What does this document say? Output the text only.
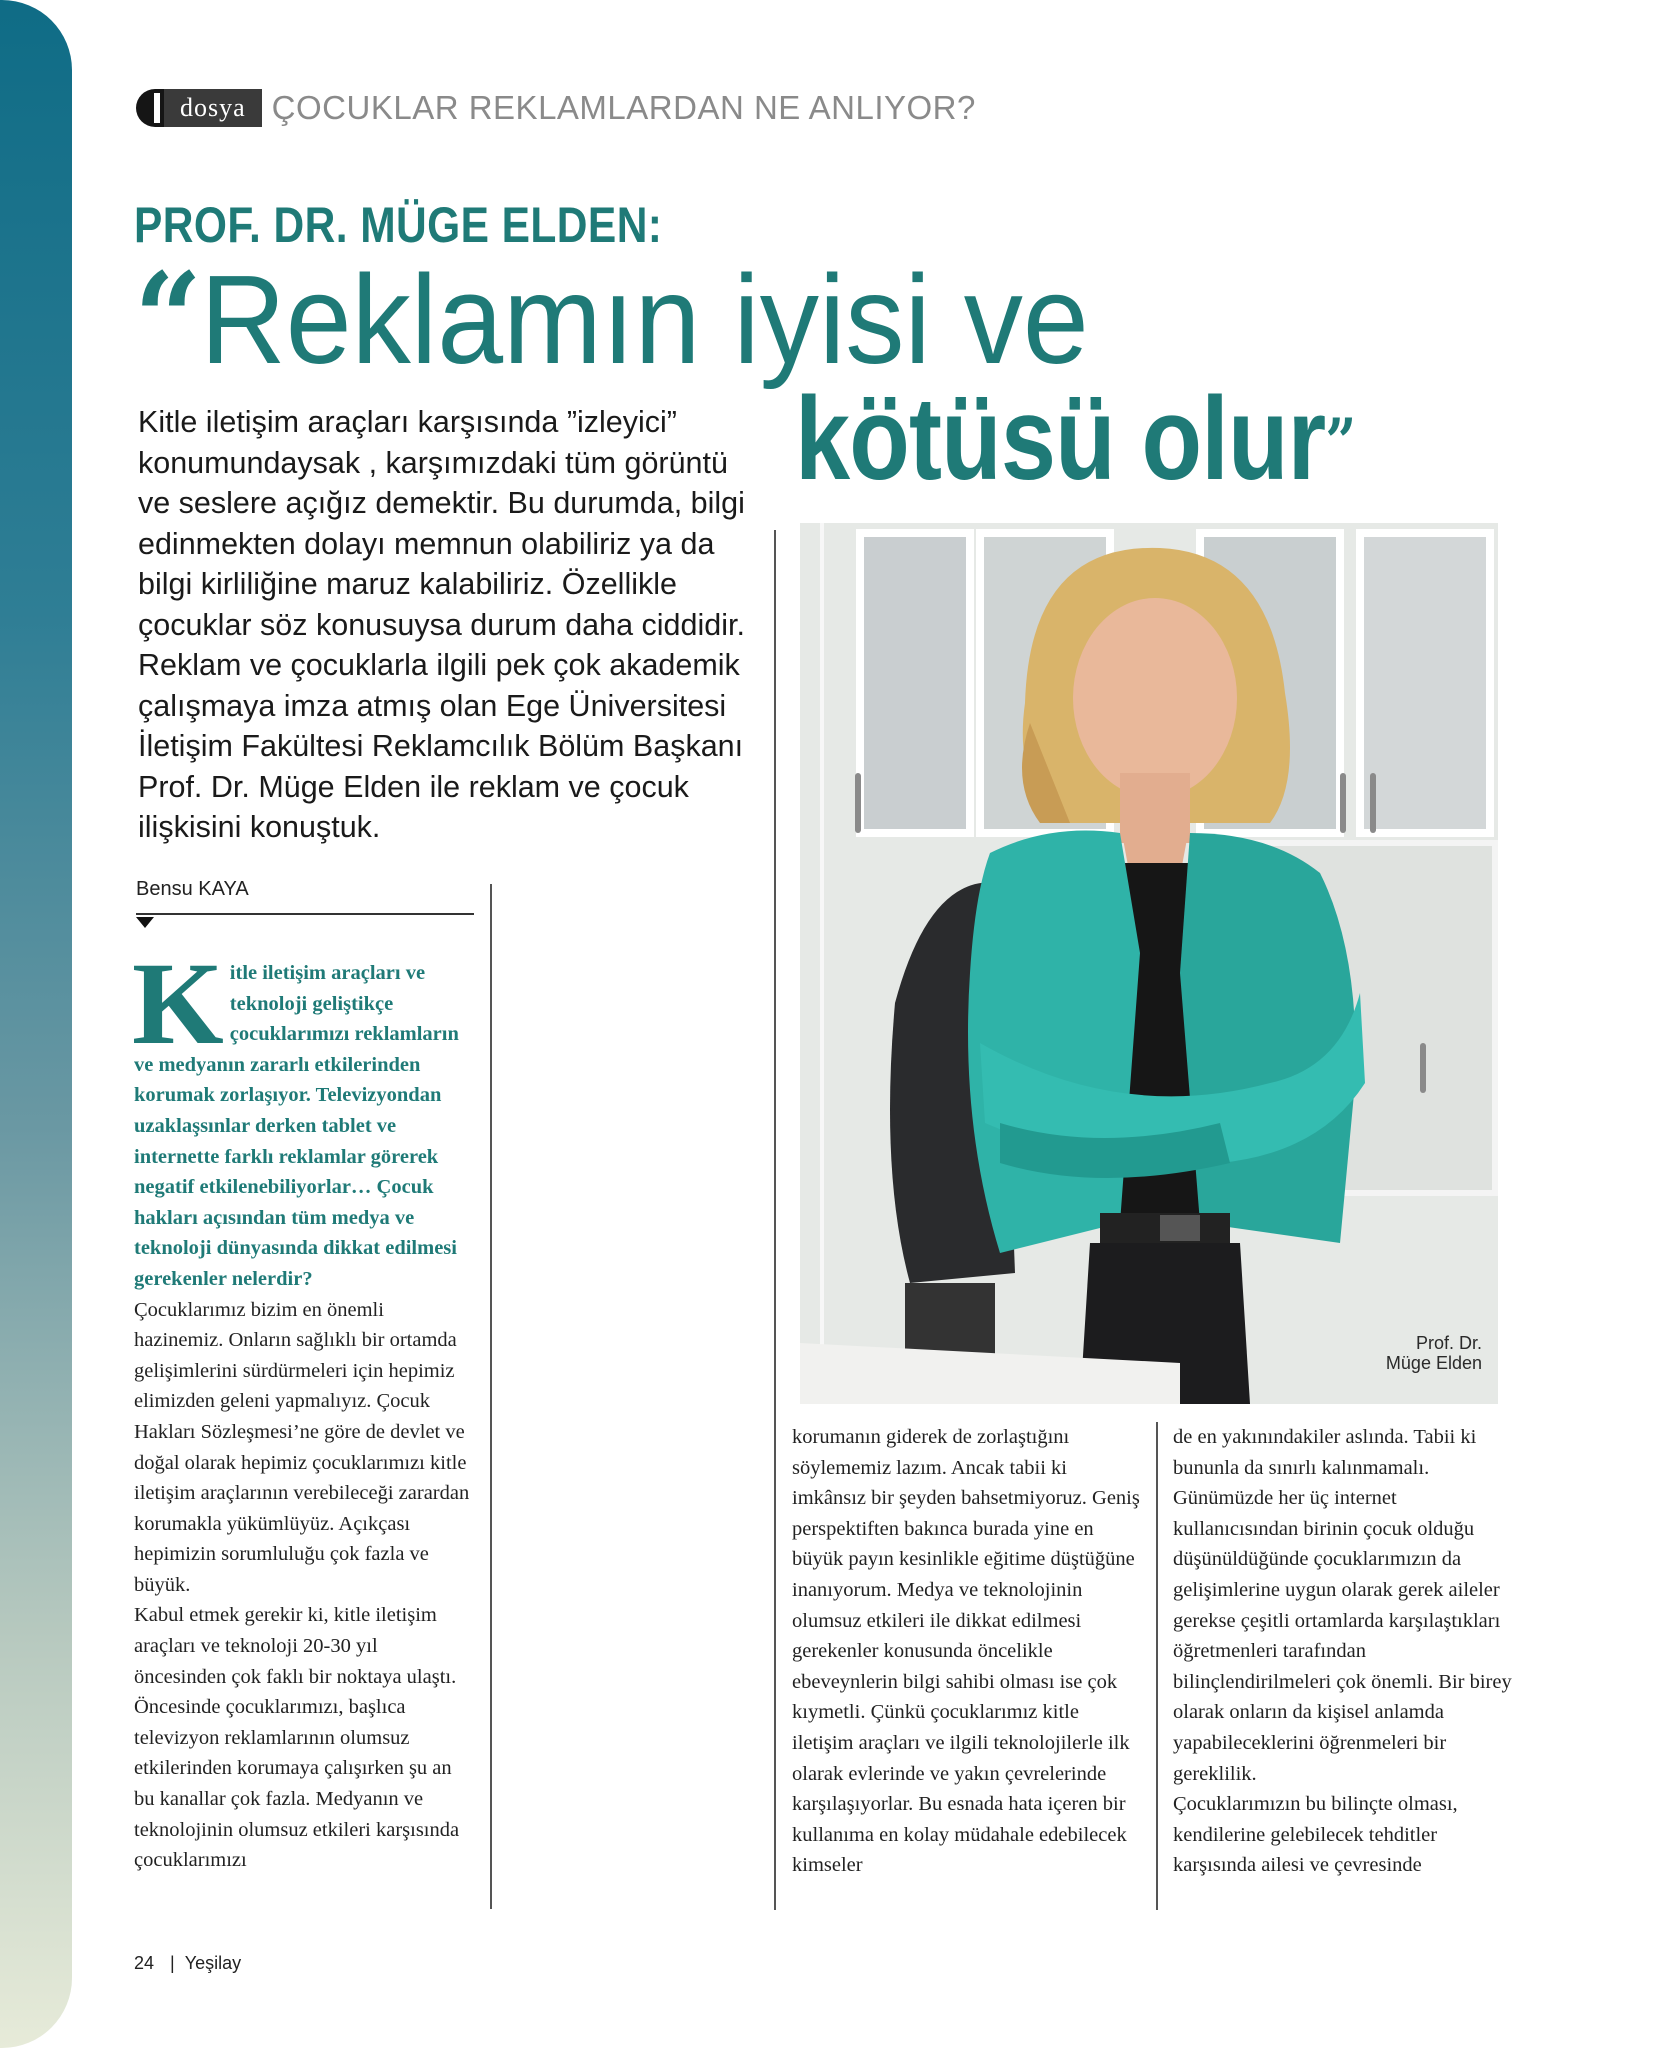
dosya ÇOCUKLAR REKLAMLARDAN NE ANLIYOR?
PROF. DR. MÜGE ELDEN:
“Reklamın iyisi ve
kötüsü olur”

Kitle iletişim araçları karşısında ”izleyici” konumundaysak , karşımızdaki tüm görüntü ve seslere açığız demektir. Bu durumda, bilgi edinmekten dolayı memnun olabiliriz ya da bilgi kirliliğine maruz kalabiliriz. Özellikle çocuklar söz konusuysa durum daha ciddidir. Reklam ve çocuklarla ilgili pek çok akademik çalışmaya imza atmış olan Ege Üniversitesi İletişim Fakültesi Reklamcılık Bölüm Başkanı Prof. Dr. Müge Elden ile reklam ve çocuk ilişkisini konuştuk.

Bensu KAYA

Kitle iletişim araçları ve teknoloji geliştikçe çocuklarımızı reklamların ve medyanın zararlı etkilerinden korumak zorlaşıyor. Televizyondan uzaklaşsınlar derken tablet ve internette farklı reklamlar görerek negatif etkilenebiliyorlar… Çocuk hakları açısından tüm medya ve teknoloji dünyasında dikkat edilmesi gerekenler nelerdir?

Çocuklarımız bizim en önemli hazinemiz. Onların sağlıklı bir ortamda gelişimlerini sürdürmeleri için hepimiz elimizden geleni yapmalıyız. Çocuk Hakları Sözleşmesi’ne göre de devlet ve doğal olarak hepimiz çocuklarımızı kitle iletişim araçlarının verebileceği zarardan korumakla yükümlüyüz. Açıkçası hepimizin sorumluluğu çok fazla ve büyük.

Kabul etmek gerekir ki, kitle iletişim araçları ve teknoloji 20-30 yıl öncesinden çok faklı bir noktaya ulaştı. Öncesinde çocuklarımızı, başlıca televizyon reklamlarının olumsuz etkilerinden korumaya çalışırken şu an bu kanallar çok fazla. Medyanın ve teknolojinin olumsuz etkileri karşısında çocuklarımızı

korumanın giderek de zorlaştığını söylememiz lazım. Ancak tabii ki imkânsız bir şeyden bahsetmiyoruz. Geniş perspektiften bakınca burada yine en büyük payın kesinlikle eğitime düştüğüne inanıyorum. Medya ve teknolojinin olumsuz etkileri ile dikkat edilmesi gerekenler konusunda öncelikle ebeveynlerin bilgi sahibi olması ise çok kıymetli. Çünkü çocuklarımız kitle iletişim araçları ve ilgili teknolojilerle ilk olarak evlerinde ve yakın çevrelerinde karşılaşıyorlar. Bu esnada hata içeren bir kullanıma en kolay müdahale edebilecek kimseler

de en yakınındakiler aslında. Tabii ki bununla da sınırlı kalınmamalı. Günümüzde her üç internet kullanıcısından birinin çocuk olduğu düşünüldüğünde çocuklarımızın da gelişimlerine uygun olarak gerek aileler gerekse çeşitli ortamlarda karşılaştıkları öğretmenleri tarafından bilinçlendirilmeleri çok önemli. Bir birey olarak onların da kişisel anlamda yapabileceklerini öğrenmeleri bir gereklilik.

Çocuklarımızın bu bilinçte olması, kendilerine gelebilecek tehditler karşısında ailesi ve çevresinde

Prof. Dr.
Müge Elden
24 | Yeşilay
